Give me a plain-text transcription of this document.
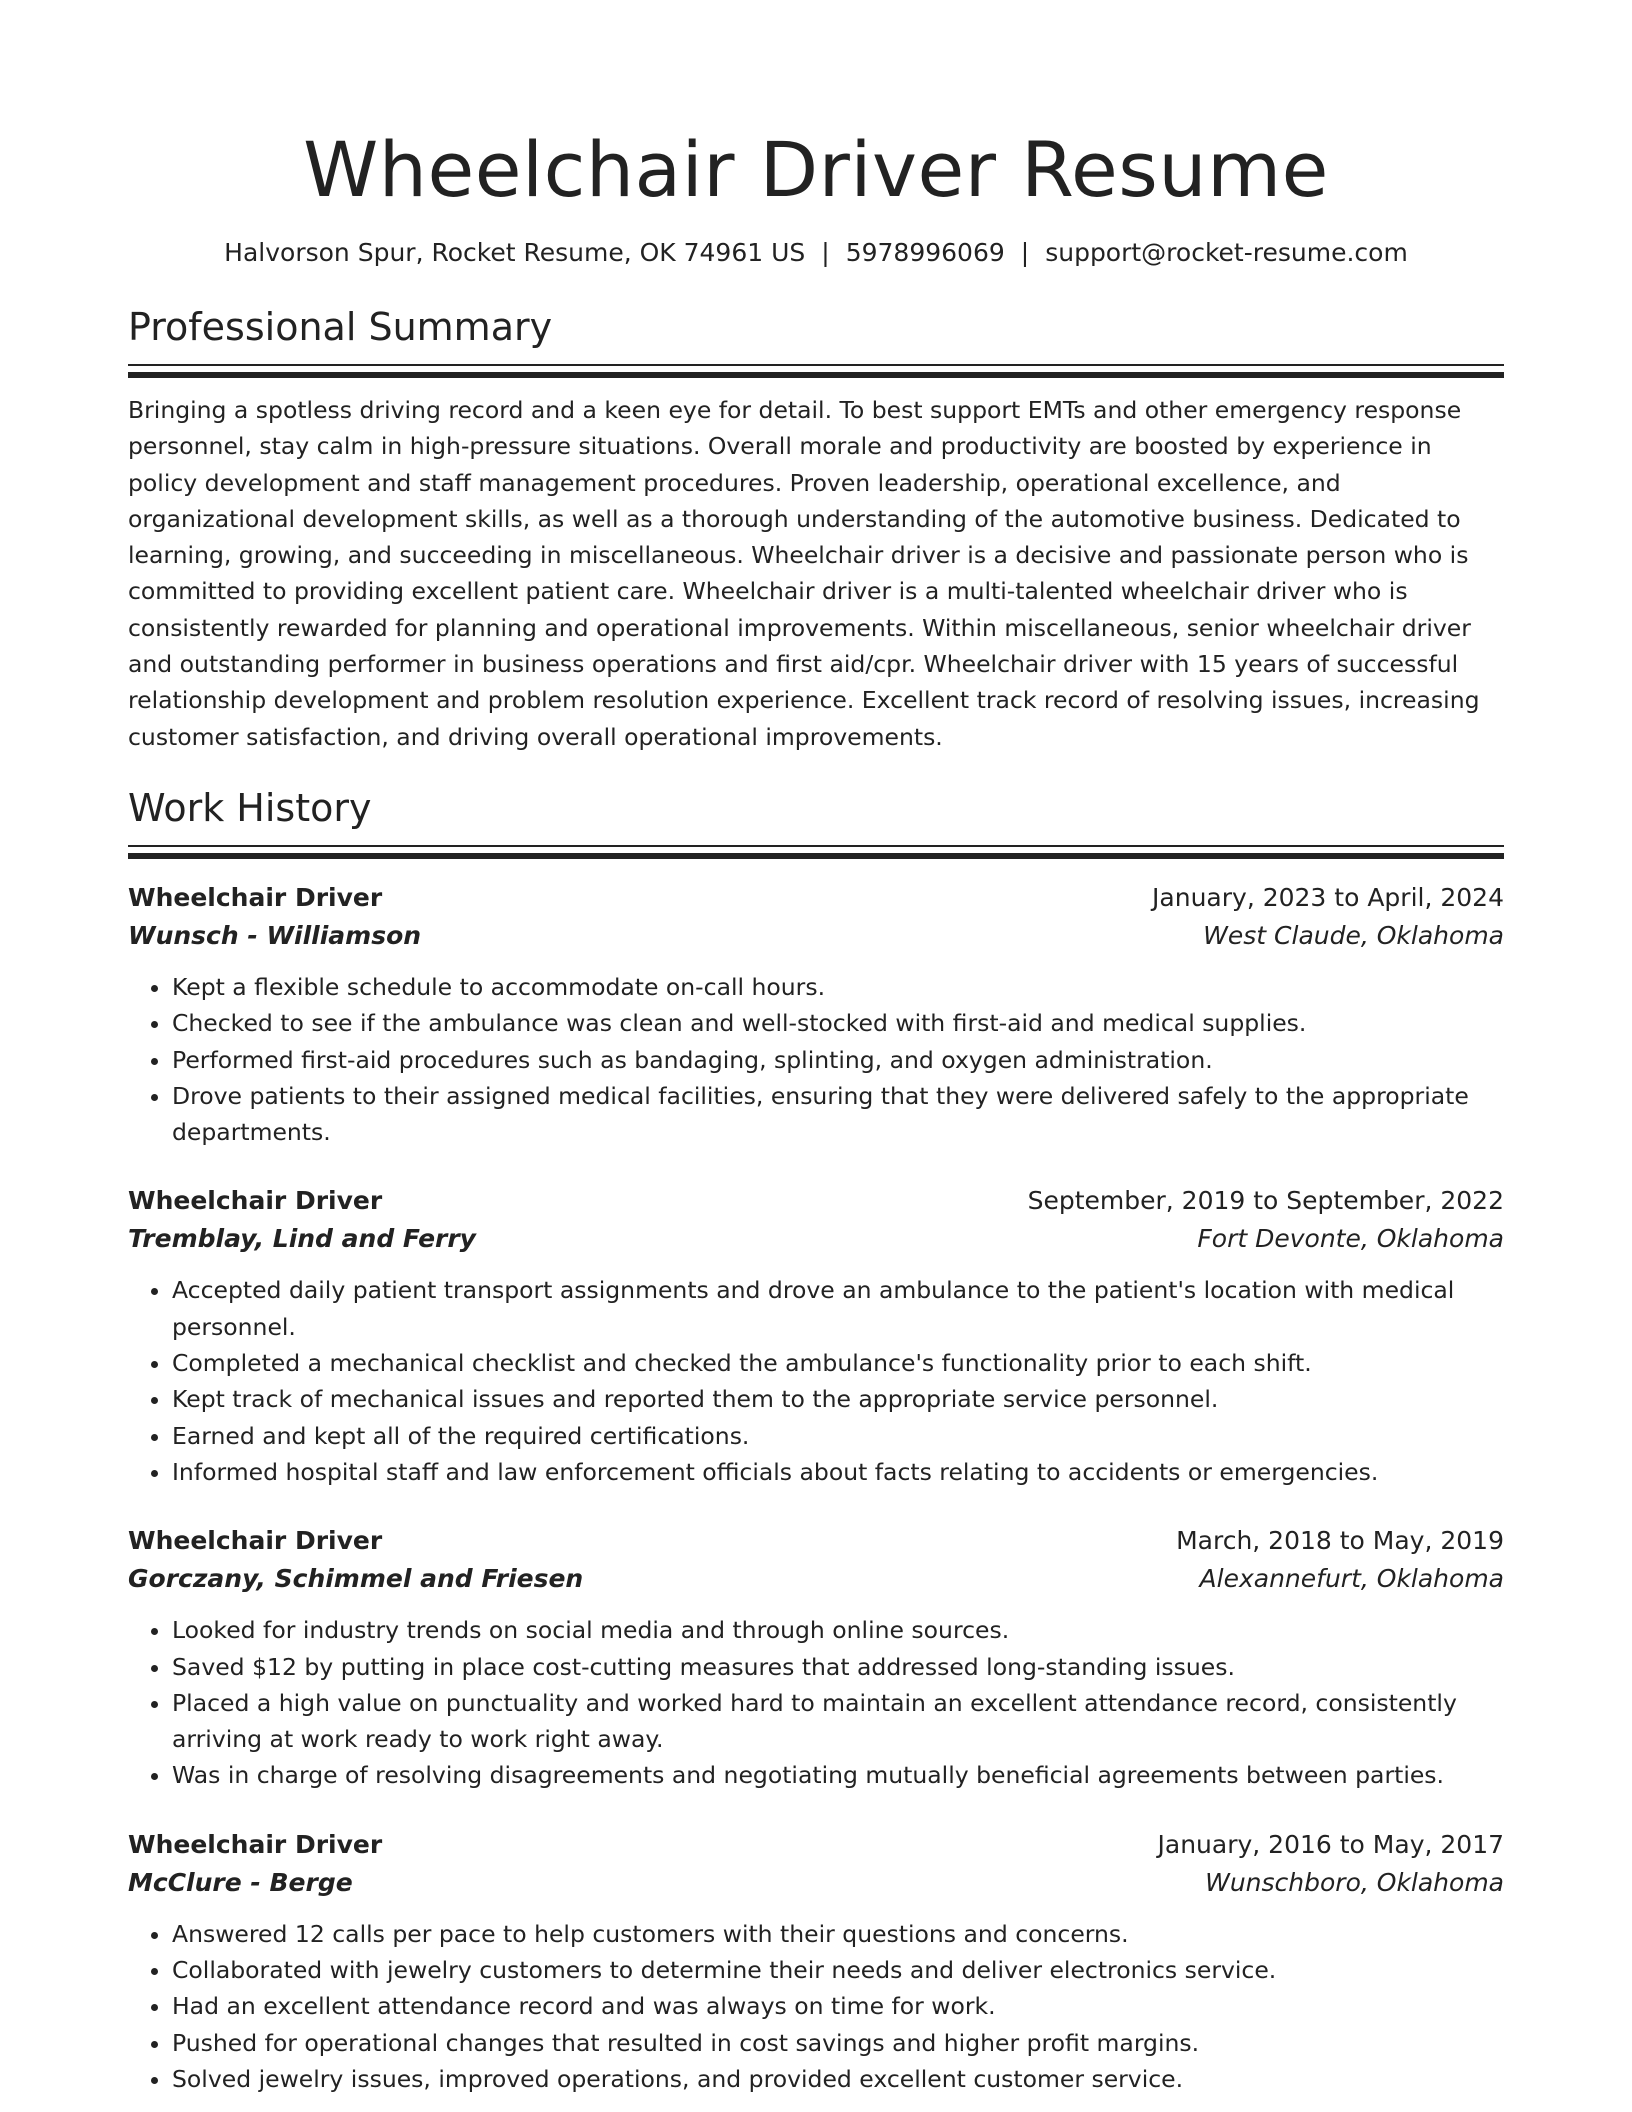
Wheelchair Driver Resume
Halvorson Spur, Rocket Resume, OK 74961 US | 5978996069 | support@rocket-resume.com
Professional Summary
Bringing a spotless driving record and a keen eye for detail. To best support EMTs and other emergency response personnel, stay calm in high-pressure situations. Overall morale and productivity are boosted by experience in policy development and staff management procedures. Proven leadership, operational excellence, and organizational development skills, as well as a thorough understanding of the automotive business. Dedicated to learning, growing, and succeeding in miscellaneous. Wheelchair driver is a decisive and passionate person who is committed to providing excellent patient care. Wheelchair driver is a multi-talented wheelchair driver who is consistently rewarded for planning and operational improvements. Within miscellaneous, senior wheelchair driver and outstanding performer in business operations and first aid/cpr. Wheelchair driver with 15 years of successful relationship development and problem resolution experience. Excellent track record of resolving issues, increasing customer satisfaction, and driving overall operational improvements.
Work History
Wheelchair Driver	January, 2023 to April, 2024
Wunsch - Williamson	West Claude, Oklahoma
• Kept a flexible schedule to accommodate on-call hours.
• Checked to see if the ambulance was clean and well-stocked with first-aid and medical supplies.
• Performed first-aid procedures such as bandaging, splinting, and oxygen administration.
• Drove patients to their assigned medical facilities, ensuring that they were delivered safely to the appropriate departments.
Wheelchair Driver	September, 2019 to September, 2022
Tremblay, Lind and Ferry	Fort Devonte, Oklahoma
• Accepted daily patient transport assignments and drove an ambulance to the patient's location with medical personnel.
• Completed a mechanical checklist and checked the ambulance's functionality prior to each shift.
• Kept track of mechanical issues and reported them to the appropriate service personnel.
• Earned and kept all of the required certifications.
• Informed hospital staff and law enforcement officials about facts relating to accidents or emergencies.
Wheelchair Driver	March, 2018 to May, 2019
Gorczany, Schimmel and Friesen	Alexannefurt, Oklahoma
• Looked for industry trends on social media and through online sources.
• Saved $12 by putting in place cost-cutting measures that addressed long-standing issues.
• Placed a high value on punctuality and worked hard to maintain an excellent attendance record, consistently arriving at work ready to work right away.
• Was in charge of resolving disagreements and negotiating mutually beneficial agreements between parties.
Wheelchair Driver	January, 2016 to May, 2017
McClure - Berge	Wunschboro, Oklahoma
• Answered 12 calls per pace to help customers with their questions and concerns.
• Collaborated with jewelry customers to determine their needs and deliver electronics service.
• Had an excellent attendance record and was always on time for work.
• Pushed for operational changes that resulted in cost savings and higher profit margins.
• Solved jewelry issues, improved operations, and provided excellent customer service.
